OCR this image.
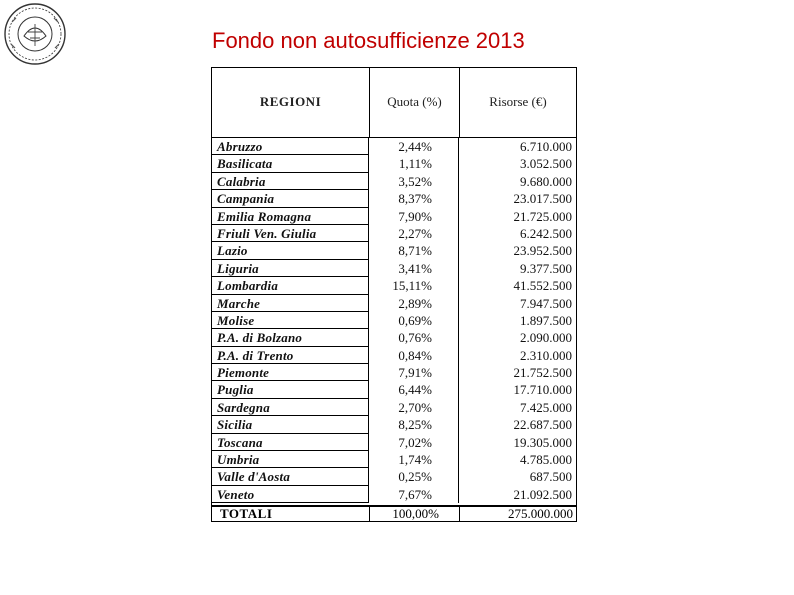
Fondo non autosufficienze 2013
REGIONI	Quota (%)	Risorse (€)
Abruzzo	2,44%	6.710.000
Basilicata	1,11%	3.052.500
Calabria	3,52%	9.680.000
Campania	8,37%	23.017.500
Emilia Romagna	7,90%	21.725.000
Friuli Ven. Giulia	2,27%	6.242.500
Lazio	8,71%	23.952.500
Liguria	3,41%	9.377.500
Lombardia	15,11%	41.552.500
Marche	2,89%	7.947.500
Molise	0,69%	1.897.500
P.A. di Bolzano	0,76%	2.090.000
P.A. di Trento	0,84%	2.310.000
Piemonte	7,91%	21.752.500
Puglia	6,44%	17.710.000
Sardegna	2,70%	7.425.000
Sicilia	8,25%	22.687.500
Toscana	7,02%	19.305.000
Umbria	1,74%	4.785.000
Valle d'Aosta	0,25%	687.500
Veneto	7,67%	21.092.500
TOTALI	100,00%	275.000.000
